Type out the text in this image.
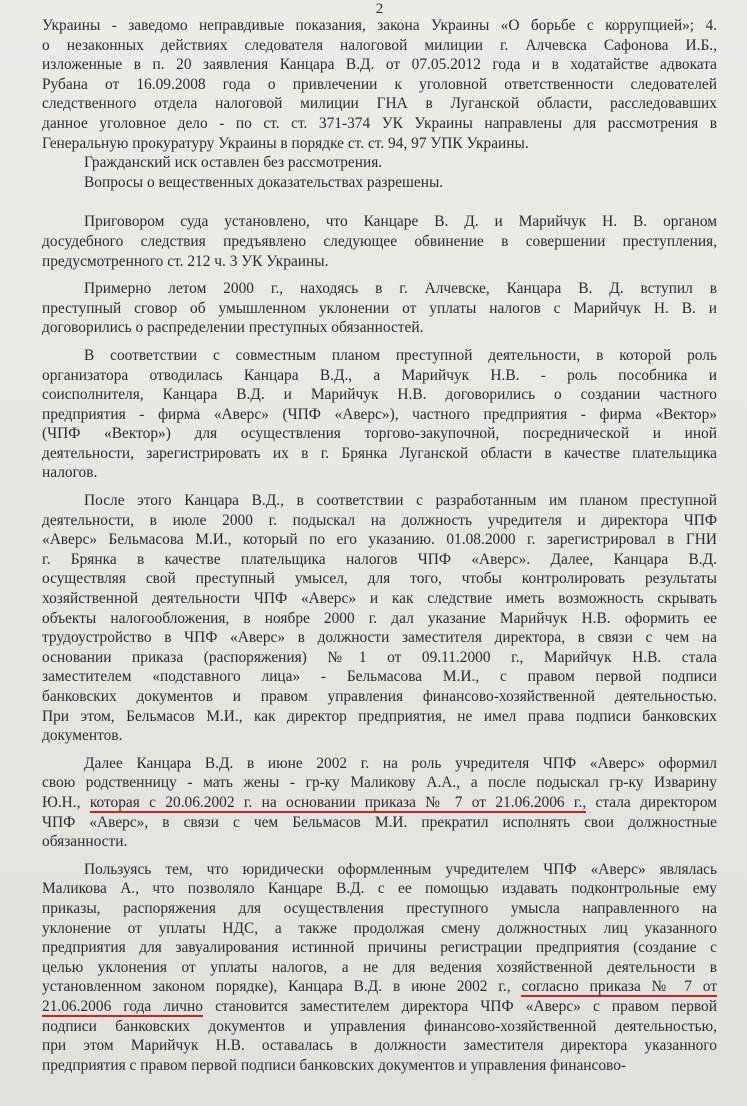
2
Украины - заведомо неправдивые показания, закона Украины «О борьбе с коррупцией»; 4.
о незаконных действиях следователя налоговой милиции г. Алчевска Сафонова И.Б.,
изложенные в п. 20 заявления Канцара В.Д. от 07.05.2012 года и в ходатайстве адвоката
Рубана от 16.09.2008 года о привлечении к уголовной ответственности следователей
следственного отдела налоговой милиции ГНА в Луганской области, расследовавших
данное уголовное дело - по ст. ст. 371-374 УК Украины направлены для рассмотрения в
Генеральную прокуратуру Украины в порядке ст. ст. 94, 97 УПК Украины.
Гражданский иск оставлен без рассмотрения.
Вопросы о вещественных доказательствах разрешены.
Приговором суда установлено, что Канцаре В. Д. и Марийчук Н. В. органом
досудебного следствия предъявлено следующее обвинение в совершении преступления,
предусмотренного ст. 212 ч. 3 УК Украины.
Примерно летом 2000 г., находясь в г. Алчевске, Канцара В. Д. вступил в
преступный сговор об умышленном уклонении от уплаты налогов с Марийчук Н. В. и
договорились о распределении преступных обязанностей.
В соответствии с совместным планом преступной деятельности, в которой роль
организатора отводилась Канцара В.Д., а Марийчук Н.В. - роль пособника и
соисполнителя, Канцара В.Д. и Марийчук Н.В. договорились о создании частного
предприятия - фирма «Аверс» (ЧПФ «Аверс»), частного предприятия - фирма «Вектор»
(ЧПФ «Вектор») для осуществления торгово-закупочной, посреднической и иной
деятельности, зарегистрировать их в г. Брянка Луганской области в качестве плательщика
налогов.
После этого Канцара В.Д., в соответствии с разработанным им планом преступной
деятельности, в июле 2000 г. подыскал на должность учредителя и директора ЧПФ
«Аверс» Бельмасова М.И., который по его указанию. 01.08.2000 г. зарегистрировал в ГНИ
г. Брянка в качестве плательщика налогов ЧПФ «Аверс». Далее, Канцара В.Д.
осуществляя свой преступный умысел, для того, чтобы контролировать результаты
хозяйственной деятельности ЧПФ «Аверс» и как следствие иметь возможность скрывать
объекты налогообложения, в ноябре 2000 г. дал указание Марийчук Н.В. оформить ее
трудоустройство в ЧПФ «Аверс» в должности заместителя директора, в связи с чем на
основании приказа (распоряжения) №1 от 09.11.2000 г., Марийчук Н.В. стала
заместителем «подставного лица» - Бельмасова М.И., с правом первой подписи
банковских документов и правом управления финансово-хозяйственной деятельностью.
При этом, Бельмасов М.И., как директор предприятия, не имел права подписи банковских
документов.
Далее Канцара В.Д. в июне 2002 г. на роль учредителя ЧПФ «Аверс» оформил
свою родственницу - мать жены - гр-ку Маликову А.А., а после подыскал гр-ку Изварину
Ю.Н., которая с 20.06.2002 г. на основании приказа № 7 от 21.06.2006 г., стала директором
ЧПФ «Аверс», в связи с чем Бельмасов М.И. прекратил исполнять свои должностные
обязанности.
Пользуясь тем, что юридически оформленным учредителем ЧПФ «Аверс» являлась
Маликова А., что позволяло Канцаре В.Д. с ее помощью издавать подконтрольные ему
приказы, распоряжения для осуществления преступного умысла направленного на
уклонение от уплаты НДС, а также продолжая смену должностных лиц указанного
предприятия для завуалирования истинной причины регистрации предприятия (создание с
целью уклонения от уплаты налогов, а не для ведения хозяйственной деятельности в
установленном законом порядке), Канцара В.Д. в июне 2002 г., согласно приказа № 7 от
21.06.2006 года лично становится заместителем директора ЧПФ «Аверс» с правом первой
подписи банковских документов и управления финансово-хозяйственной деятельностью,
при этом Марийчук Н.В. оставалась в должности заместителя директора указанного
предприятия с правом первой подписи банковских документов и управления финансово-
